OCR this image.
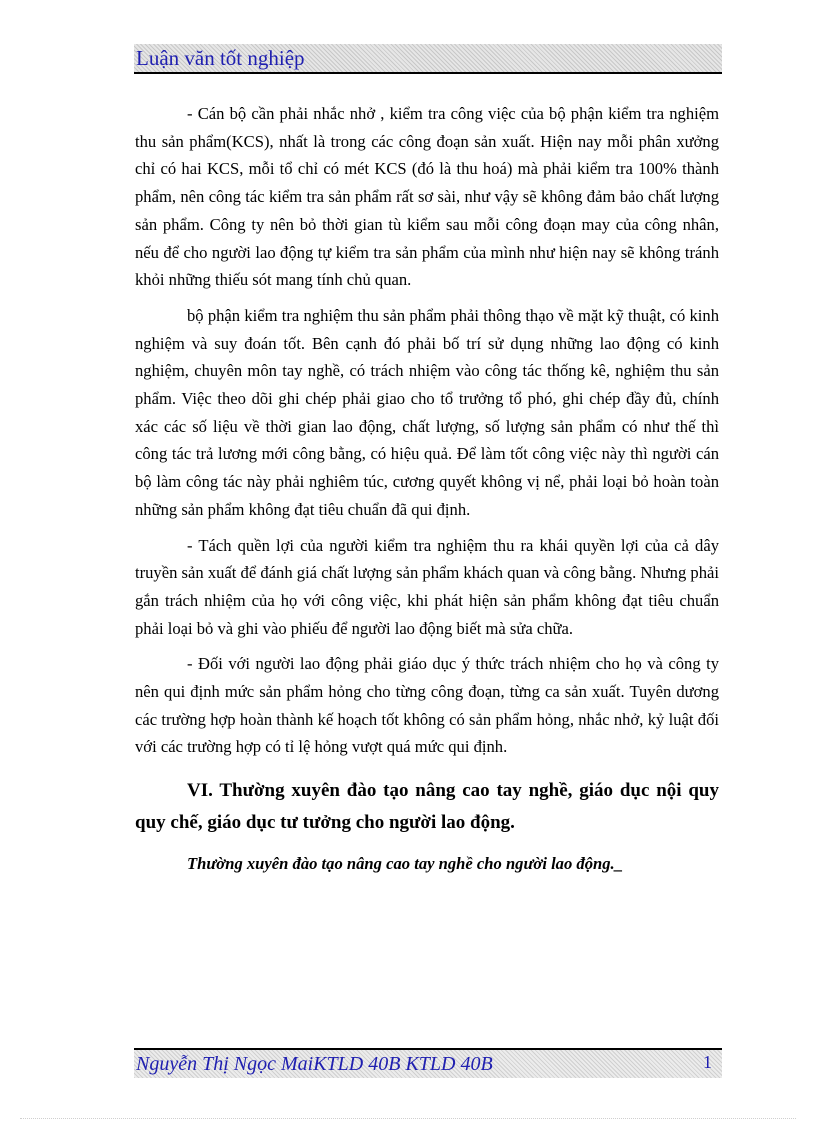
Luận văn tốt nghiệp

- Cán bộ cần phải nhắc nhở , kiểm tra công việc của bộ phận kiểm tra nghiệm thu sản phẩm(KCS), nhất là trong các công đoạn sản xuất. Hiện nay mỗi phân xưởng chỉ có hai KCS, mỗi tổ chỉ có mét KCS (đó là thu hoá) mà phải kiểm tra 100% thành phẩm, nên công tác kiểm tra sản phẩm rất sơ sài, như vậy sẽ không đảm bảo chất lượng sản phẩm. Công ty nên bỏ thời gian tù kiểm sau mỗi công đoạn may của công nhân, nếu để cho người lao động tự kiểm tra sản phẩm của mình như hiện nay sẽ không tránh khỏi những thiếu sót mang tính chủ quan.

bộ phận kiểm tra nghiệm thu sản phẩm phải thông thạo về mặt kỹ thuật, có kinh nghiệm và suy đoán tốt. Bên cạnh đó phải bố trí sử dụng những lao động có kinh nghiệm, chuyên môn tay nghề, có trách nhiệm vào công tác thống kê, nghiệm thu sản phẩm. Việc theo dõi ghi chép phải giao cho tổ trưởng tổ phó, ghi chép đầy đủ, chính xác các số liệu về thời gian lao động, chất lượng, số lượng sản phẩm có như thế thì công tác trả lương mới công bằng, có hiệu quả. Để làm tốt công việc này thì người cán bộ làm công tác này phải nghiêm túc, cương quyết không vị nể, phải loại bỏ hoàn toàn những sản phẩm không đạt tiêu chuẩn đã qui định.

- Tách quền lợi của người kiểm tra nghiệm thu ra khái quyền lợi của cả dây truyền sản xuất để đánh giá chất lượng sản phẩm khách quan và công bằng. Nhưng phải gắn trách nhiệm của họ với công việc, khi phát hiện sản phẩm không đạt tiêu chuẩn phải loại bỏ và ghi vào phiếu để người lao động biết mà sửa chữa.

- Đối với người lao động phải giáo dục ý thức trách nhiệm cho họ và công ty nên qui định mức sản phẩm hỏng cho từng công đoạn, từng ca sản xuất. Tuyên dương các trường hợp hoàn thành kế hoạch tốt không có sản phẩm hỏng, nhắc nhở, kỷ luật đối với các trường hợp có tỉ lệ hỏng vượt quá mức qui định.

VI. Thường xuyên đào tạo nâng cao tay nghề, giáo dục nội quy quy chế, giáo dục tư tưởng cho người lao động.

Thường xuyên đào tạo nâng cao tay nghề cho người lao động._

Nguyễn Thị Ngọc MaiKTLD 40B KTLD 40B	1
